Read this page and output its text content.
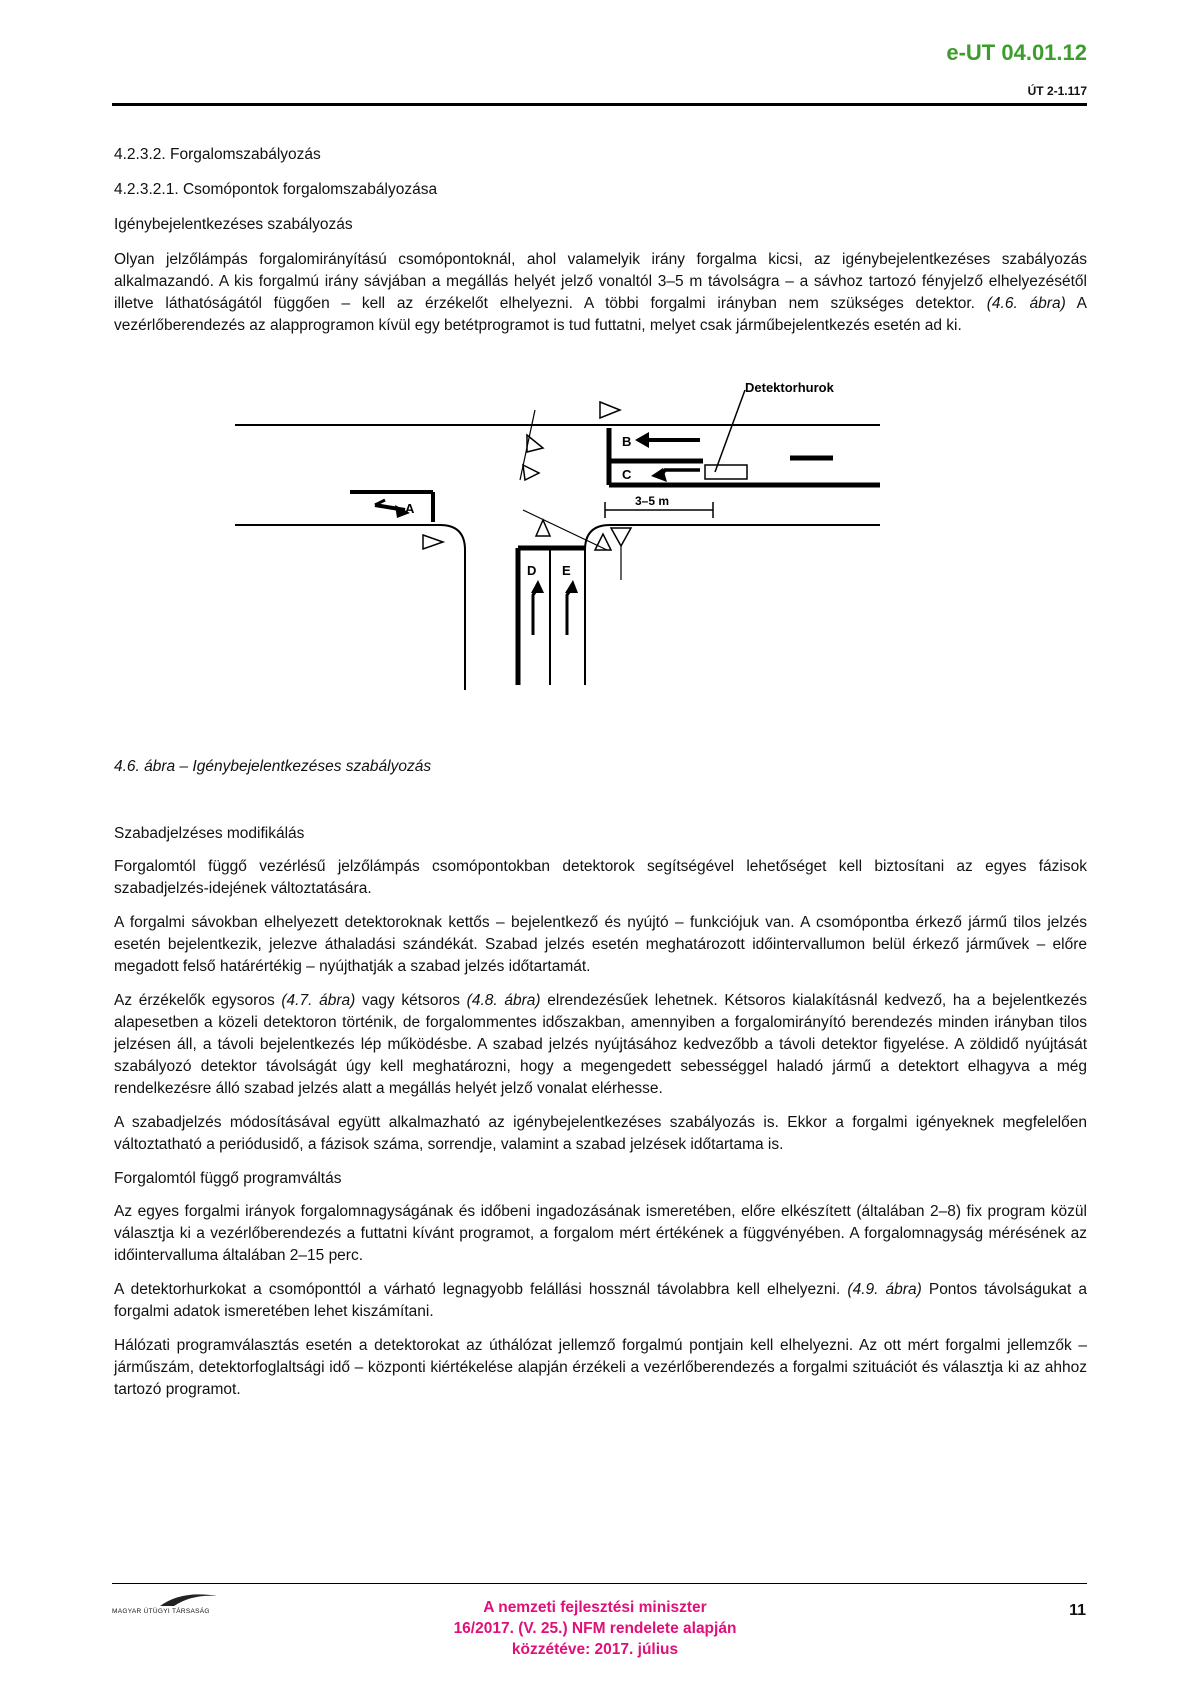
e-UT 04.01.12
ÚT 2-1.117
4.2.3.2. Forgalomszabályozás
4.2.3.2.1. Csomópontok forgalomszabályozása
Igénybejelentkezéses szabályozás

Olyan jelzőlámpás forgalomirányítású csomópontoknál, ahol valamelyik irány forgalma kicsi, az igénybejelentkezéses szabályozás alkalmazandó. A kis forgalmú irány sávjában a megállás helyét jelző vonaltól 3–5 m távolságra – a sávhoz tartozó fényjelző elhelyezésétől illetve láthatóságától függően – kell az érzékelőt elhelyezni. A többi forgalmi irányban nem szükséges detektor. (4.6. ábra) A vezérlőberendezés az alapprogramon kívül egy betétprogramot is tud futtatni, melyet csak járműbejelentkezés esetén ad ki.

Detektorhurok
A
B
C
D E
3–5 m
4.6. ábra – Igénybejelentkezéses szabályozás
Szabadjelzéses modifikálás

Forgalomtól függő vezérlésű jelzőlámpás csomópontokban detektorok segítségével lehetőséget kell biztosítani az egyes fázisok szabadjelzés-idejének változtatására.

A forgalmi sávokban elhelyezett detektoroknak kettős – bejelentkező és nyújtó – funkciójuk van. A csomópontba érkező jármű tilos jelzés esetén bejelentkezik, jelezve áthaladási szándékát. Szabad jelzés esetén meghatározott időintervallumon belül érkező járművek – előre megadott felső határértékig – nyújthatják a szabad jelzés időtartamát.

Az érzékelők egysoros (4.7. ábra) vagy kétsoros (4.8. ábra) elrendezésűek lehetnek. Kétsoros kialakításnál kedvező, ha a bejelentkezés alapesetben a közeli detektoron történik, de forgalommentes időszakban, amennyiben a forgalomirányító berendezés minden irányban tilos jelzésen áll, a távoli bejelentkezés lép működésbe. A szabad jelzés nyújtásához kedvezőbb a távoli detektor figyelése. A zöldidő nyújtását szabályozó detektor távolságát úgy kell meghatározni, hogy a megengedett sebességgel haladó jármű a detektort elhagyva a még rendelkezésre álló szabad jelzés alatt a megállás helyét jelző vonalat elérhesse.

A szabadjelzés módosításával együtt alkalmazható az igénybejelentkezéses szabályozás is. Ekkor a forgalmi igényeknek megfelelően változtatható a periódusidő, a fázisok száma, sorrendje, valamint a szabad jelzések időtartama is.

Forgalomtól függő programváltás

Az egyes forgalmi irányok forgalomnagyságának és időbeni ingadozásának ismeretében, előre elkészített (általában 2–8) fix program közül választja ki a vezérlőberendezés a futtatni kívánt programot, a forgalom mért értékének a függvényében. A forgalomnagyság mérésének az időintervalluma általában 2–15 perc.

A detektorhurkokat a csomóponttól a várható legnagyobb felállási hossznál távolabbra kell elhelyezni. (4.9. ábra) Pontos távolságukat a forgalmi adatok ismeretében lehet kiszámítani.

Hálózati programválasztás esetén a detektorokat az úthálózat jellemző forgalmú pontjain kell elhelyezni. Az ott mért forgalmi jellemzők – járműszám, detektorfoglaltsági idő – központi kiértékelése alapján érzékeli a vezérlőberendezés a forgalmi szituációt és választja ki az ahhoz tartozó programot.

MAGYAR ÚTÜGYI TÁRSASÁG	A nemzeti fejlesztési miniszter
16/2017. (V. 25.) NFM rendelete alapján
közzétéve: 2017. július
11
